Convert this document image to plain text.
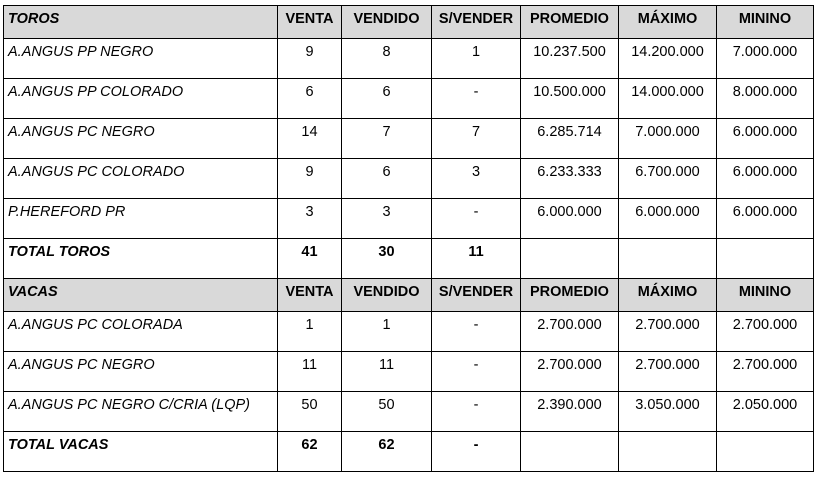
TOROS	VENTA	VENDIDO	S/VENDER	PROMEDIO	MÁXIMO	MININO
A.ANGUS PP NEGRO	9	8	1	10.237.500	14.200.000	7.000.000
A.ANGUS PP COLORADO	6	6	-	10.500.000	14.000.000	8.000.000
A.ANGUS PC NEGRO	14	7	7	6.285.714	7.000.000	6.000.000
A.ANGUS PC COLORADO	9	6	3	6.233.333	6.700.000	6.000.000
P.HEREFORD PR	3	3	-	6.000.000	6.000.000	6.000.000
TOTAL TOROS	41	30	11			
VACAS	VENTA	VENDIDO	S/VENDER	PROMEDIO	MÁXIMO	MININO
A.ANGUS PC COLORADA	1	1	-	2.700.000	2.700.000	2.700.000
A.ANGUS PC NEGRO	11	11	-	2.700.000	2.700.000	2.700.000
A.ANGUS PC NEGRO C/CRIA (LQP)	50	50	-	2.390.000	3.050.000	2.050.000
TOTAL VACAS	62	62	-			
